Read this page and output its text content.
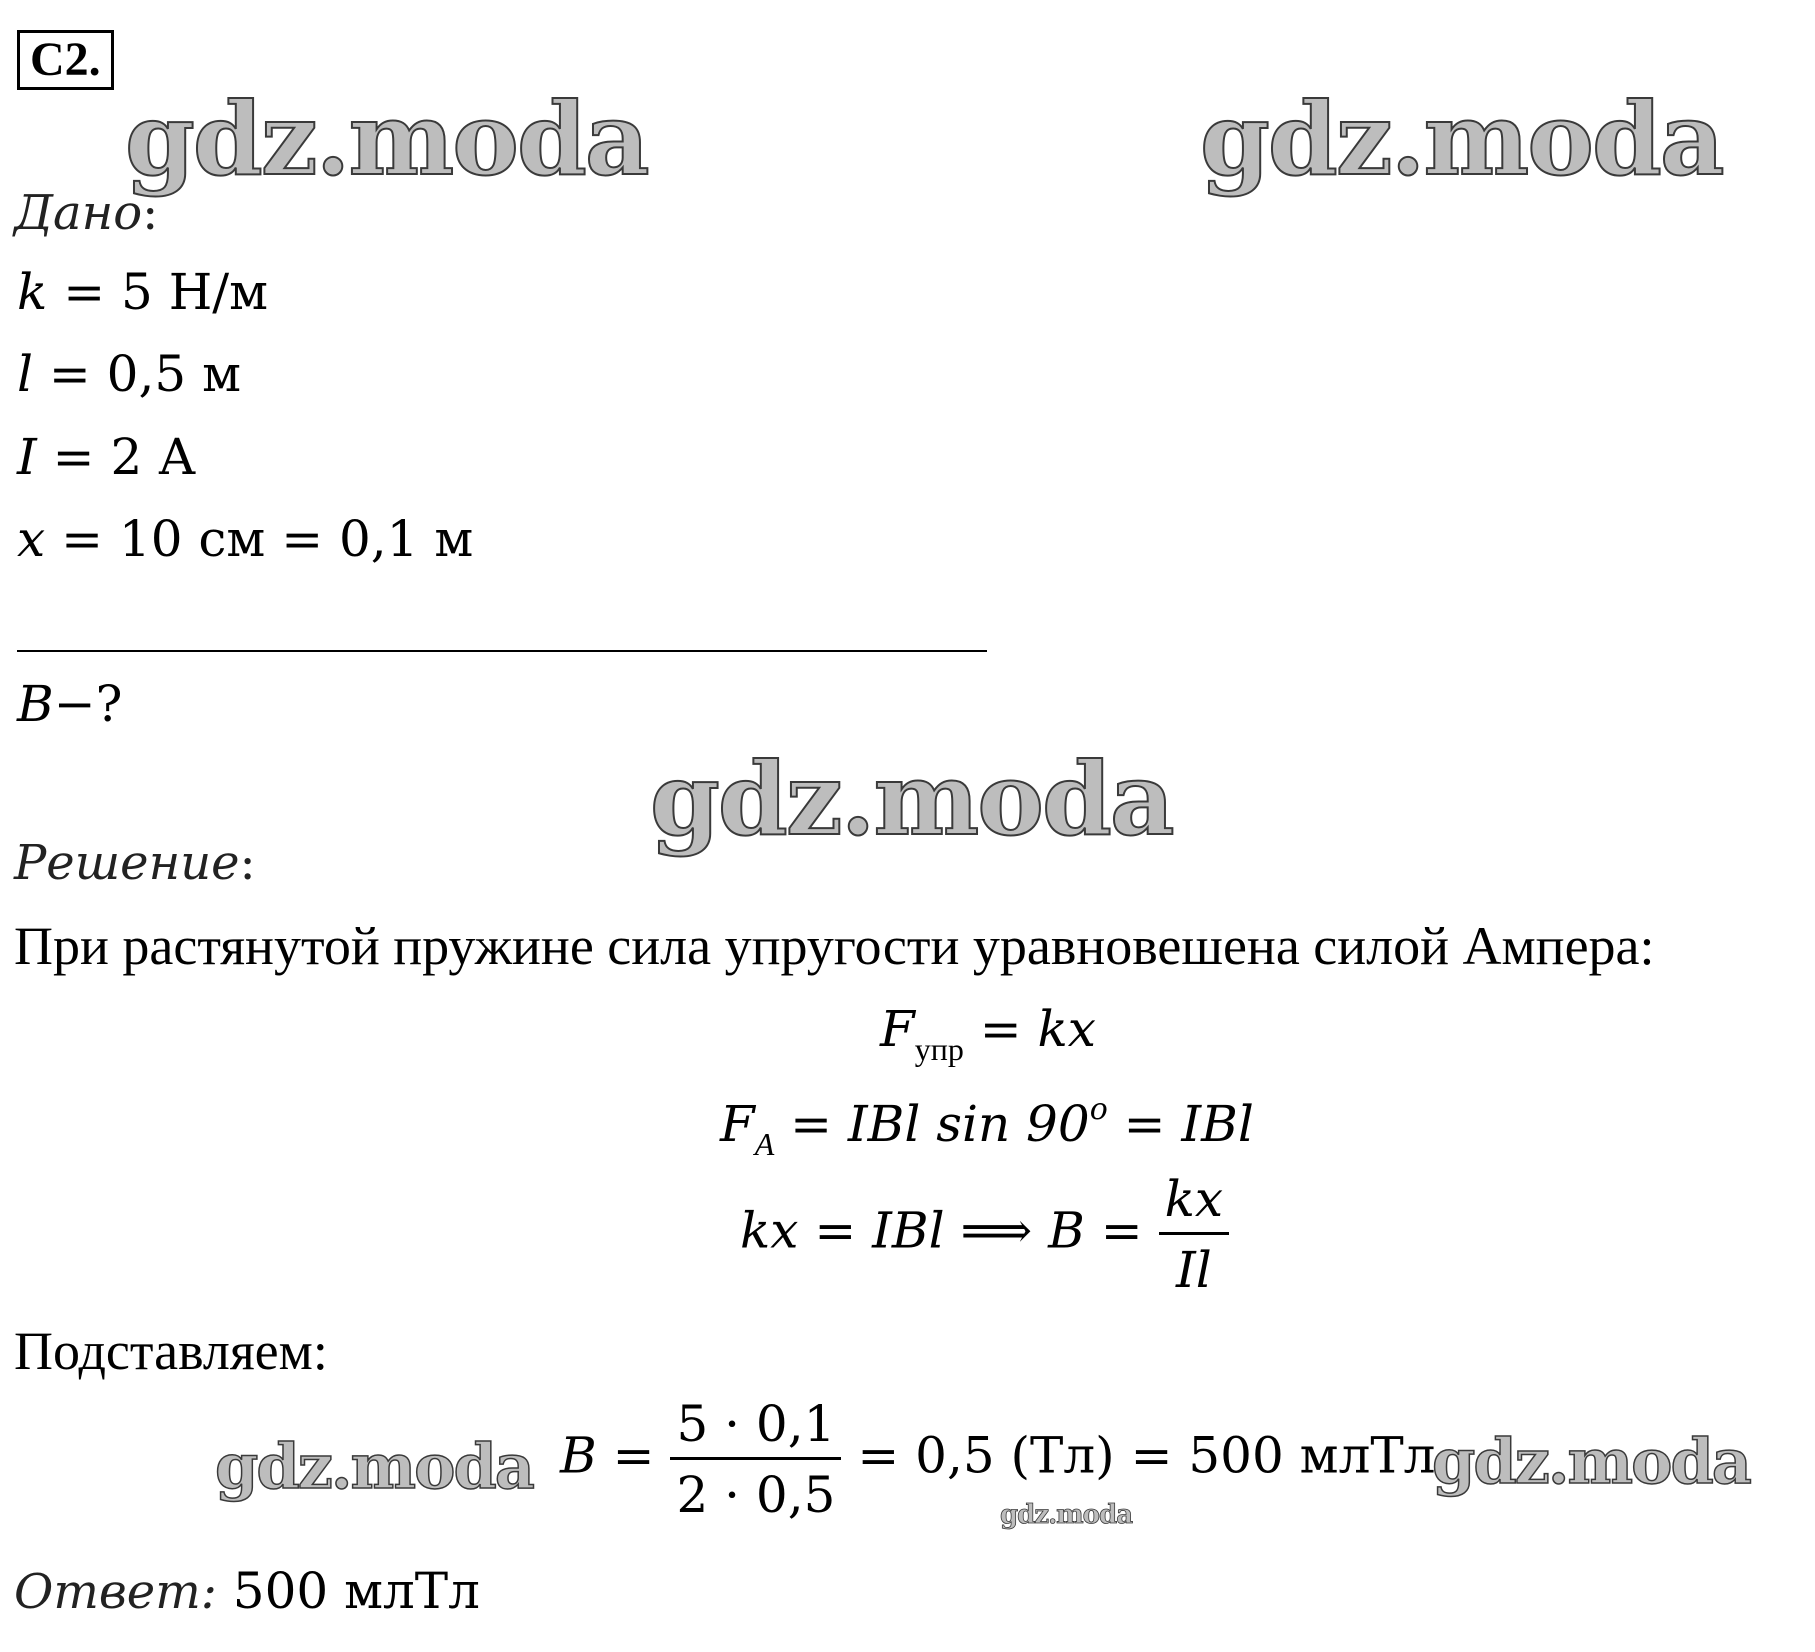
С2.
gdz.moda	gdz.moda
gdz.moda
Дано:
k = 5 Н/м
l = 0,5 м
I = 2 А
x = 10 см = 0,1 м
B−?
Решение:
При растянутой пружине сила упругости уравновешена силой Ампера:
$F_{упр}$ = kx
$F_A$ = IBl $\sin 90^o$ = IBl
kx = IBl ⟹ $B = \frac{kx}{Il}$
Подставляем:
gdz.moda $B = \frac{5 \cdot 0,1}{2 \cdot 0,5} = 0,5$ (Тл) = 500 млТл
gdz.moda
gdz.moda
Ответ: 500 млТл
